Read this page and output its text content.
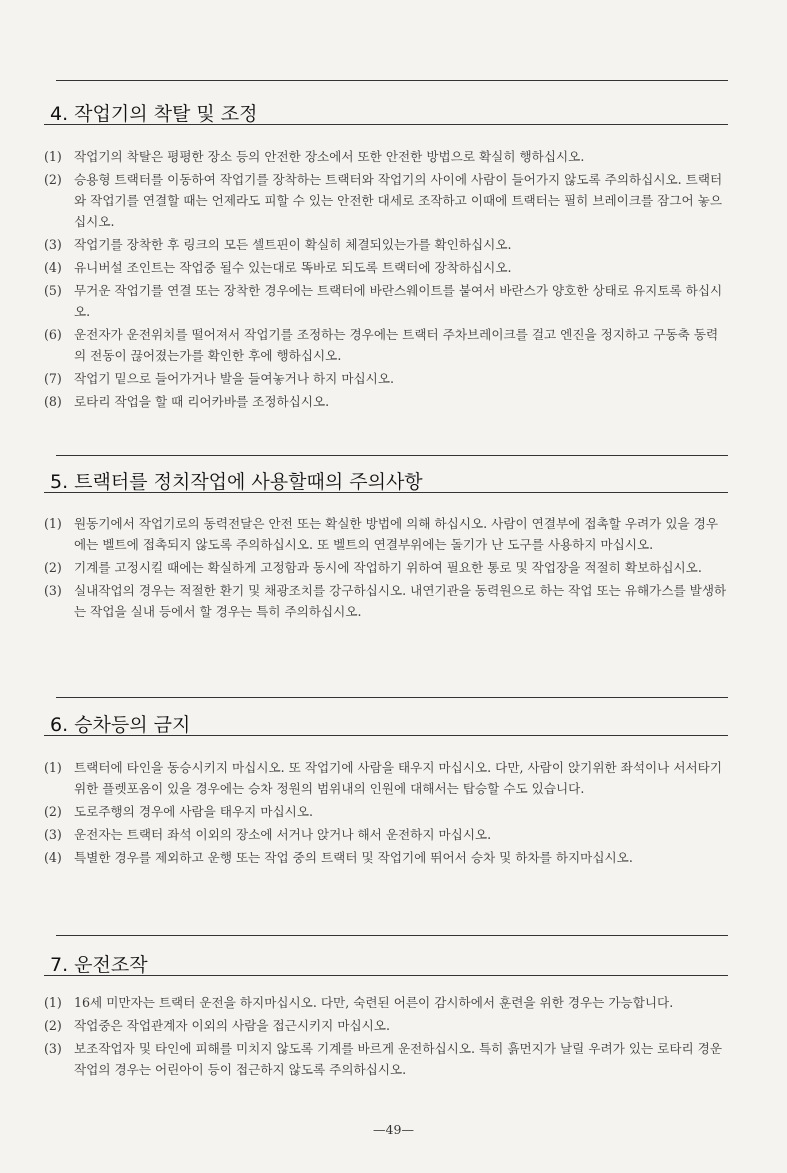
4. 작업기의 착탈 및 조정
(1) 작업기의 착탈은 평평한 장소 등의 안전한 장소에서 또한 안전한 방법으로 확실히 행하십시오.
(2) 승용형 트랙터를 이동하여 작업기를 장착하는 트랙터와 작업기의 사이에 사람이 들어가지 않도록 주의하십시오. 트랙터와 작업기를 연결할 때는 언제라도 피할 수 있는 안전한 대세로 조작하고 이때에 트랙터는 필히 브레이크를 잠그어 놓으십시오.
(3) 작업기를 장착한 후 링크의 모든 셀트핀이 확실히 체결되있는가를 확인하십시오.
(4) 유니버설 조인트는 작업중 될수 있는대로 똑바로 되도록 트랙터에 장착하십시오.
(5) 무거운 작업기를 연결 또는 장착한 경우에는 트랙터에 바란스웨이트를 붙여서 바란스가 양호한 상태로 유지토록 하십시오.
(6) 운전자가 운전위치를 떨어져서 작업기를 조정하는 경우에는 트랙터 주차브레이크를 걸고 엔진을 정지하고 구동축 동력의 전동이 끊어졌는가를 확인한 후에 행하십시오.
(7) 작업기 밑으로 들어가거나 발을 들여놓거나 하지 마십시오.
(8) 로타리 작업을 할 때 리어카바를 조정하십시오.
5. 트랙터를 정치작업에 사용할때의 주의사항
(1) 원동기에서 작업기로의 동력전달은 안전 또는 확실한 방법에 의해 하십시오. 사람이 연결부에 접촉할 우려가 있을 경우에는 벨트에 접촉되지 않도록 주의하십시오. 또 벨트의 연결부위에는 돌기가 난 도구를 사용하지 마십시오.
(2) 기계를 고정시킬 때에는 확실하게 고정함과 동시에 작업하기 위하여 필요한 통로 및 작업장을 적절히 확보하십시오.
(3) 실내작업의 경우는 적절한 환기 및 채광조치를 강구하십시오. 내연기관을 동력원으로 하는 작업 또는 유해가스를 발생하는 작업을 실내 등에서 할 경우는 특히 주의하십시오.
6. 승차등의 금지
(1) 트랙터에 타인을 동승시키지 마십시오. 또 작업기에 사람을 태우지 마십시오. 다만, 사람이 앉기위한 좌석이나 서서타기 위한 플렛포옴이 있을 경우에는 승차 정원의 범위내의 인원에 대해서는 탑승할 수도 있습니다.
(2) 도로주행의 경우에 사람을 태우지 마십시오.
(3) 운전자는 트랙터 좌석 이외의 장소에 서거나 앉거나 해서 운전하지 마십시오.
(4) 특별한 경우를 제외하고 운행 또는 작업 중의 트랙터 및 작업기에 뛰어서 승차 및 하차를 하지마십시오.
7. 운전조작
(1) 16세 미만자는 트랙터 운전을 하지마십시오. 다만, 숙련된 어른이 감시하에서 훈련을 위한 경우는 가능합니다.
(2) 작업중은 작업관계자 이외의 사람을 접근시키지 마십시오.
(3) 보조작업자 및 타인에 피해를 미치지 않도록 기계를 바르게 운전하십시오. 특히 흙먼지가 날릴 우려가 있는 로타리 경운작업의 경우는 어린아이 등이 접근하지 않도록 주의하십시오.
—49—
